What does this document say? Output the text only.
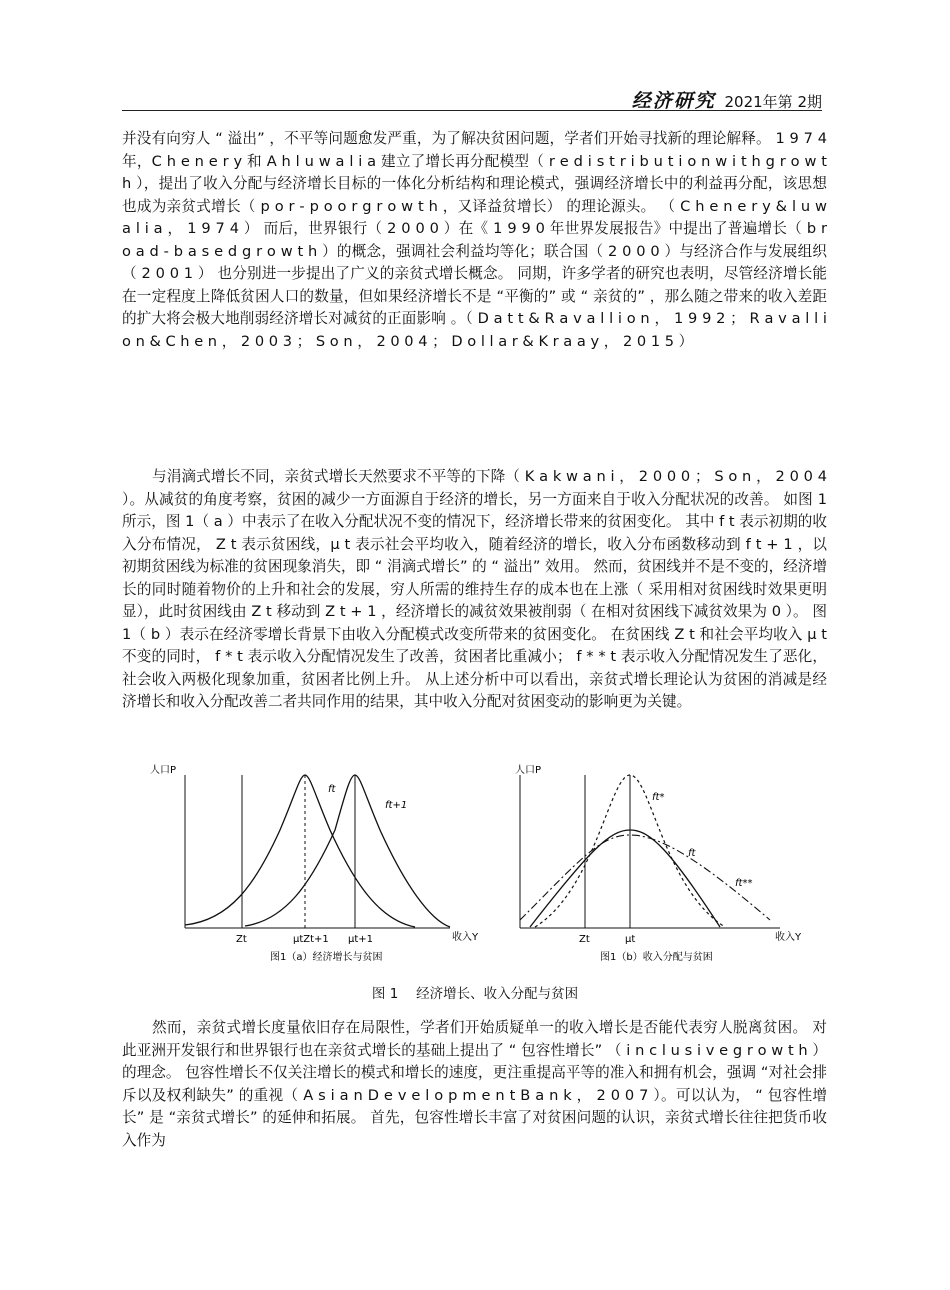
经济研究 2021年第 2期

并没有向穷人 “ 溢出” ，不平等问题愈发严重，为了解决贫困问题，学者们开始寻找新的理论解释。 1 9 7 4 年，C h e n e r y 和 A h l u w a l i a 建立了增长再分配模型（ r e d i s t r i b u t i o n w i t h g r o w t h ），提出了收入分配与经济增长目标的一体化分析结构和理论模式，强调经济增长中的利益再分配，该思想也成为亲贫式增长（ p o r - p o o r g r o w t h ，又译益贫增长） 的理论源头。 （ C h e n e r y & l u w a l i a ， 1 9 7 4 ） 而后，世界银行（ 2 0 0 0 ）在《 1 9 9 0 年世界发展报告》中提出了普遍增长（ b r o a d - b a s e d g r o w t h ）的概念，强调社会利益均等化；联合国（ 2 0 0 0 ）与经济合作与发展组织（ 2 0 0 1 ） 也分别进一步提出了广义的亲贫式增长概念。 同期，许多学者的研究也表明，尽管经济增长能在一定程度上降低贫困人口的数量，但如果经济增长不是 “平衡的” 或 “ 亲贫的” ，那么随之带来的收入差距的扩大将会极大地削弱经济增长对减贫的正面影响 。（ D a t t & R a v a l l i o n ， 1 9 9 2 ； R a v a l l i o n & C h e n ， 2 0 0 3 ； S o n ， 2 0 0 4 ； D o l l a r & K r a a y ， 2 0 1 5 ）

与涓滴式增长不同，亲贫式增长天然要求不平等的下降（ K a k w a n i ， 2 0 0 0 ； S o n ， 2 0 0 4 ）。从减贫的角度考察，贫困的减少一方面源自于经济的增长，另一方面来自于收入分配状况的改善。 如图 1所示，图 1（ a ）中表示了在收入分配状况不变的情况下，经济增长带来的贫困变化。 其中 f t 表示初期的收入分布情况， Z t 表示贫困线，μ t 表示社会平均收入，随着经济的增长，收入分布函数移动到 f t + 1 ，以初期贫困线为标准的贫困现象消失，即 “ 涓滴式增长” 的 “ 溢出” 效用。 然而，贫困线并不是不变的，经济增长的同时随着物价的上升和社会的发展，穷人所需的维持生存的成本也在上涨（ 采用相对贫困线时效果更明显），此时贫困线由 Z t 移动到 Z t + 1 ，经济增长的减贫效果被削弱（ 在相对贫困线下减贫效果为 0 ）。 图 1（ b ）表示在经济零增长背景下由收入分配模式改变所带来的贫困变化。 在贫困线 Z t 和社会平均收入 μ t 不变的同时， f * t 表示收入分配情况发生了改善，贫困者比重减小； f * * t 表示收入分配情况发生了恶化，社会收入两极化现象加重，贫困者比例上升。 从上述分析中可以看出，亲贫式增长理论认为贫困的消减是经济增长和收入分配改善二者共同作用的结果，其中收入分配对贫困变动的影响更为关键。

人口P
收入Y
ft
ft+1
Zt	μtZt+1 μt+1
图1（a）经济增长与贫困
人口P
收入Y
ft*
ft
ft**
Zt	μt
图1（b）收入分配与贫困
图 1　 经济增长、收入分配与贫困

然而，亲贫式增长度量依旧存在局限性，学者们开始质疑单一的收入增长是否能代表穷人脱离贫困。 对此亚洲开发银行和世界银行也在亲贫式增长的基础上提出了 “ 包容性增长” （ i n c l u s i v e g r o w t h ）的理念。 包容性增长不仅关注增长的模式和增长的速度，更注重提高平等的准入和拥有机会，强调 “对社会排斥以及权利缺失” 的重视（ A s i a n D e v e l o p m e n t B a n k ， 2 0 0 7 ）。可以认为， “ 包容性增长” 是 “亲贫式增长” 的延伸和拓展。 首先，包容性增长丰富了对贫困问题的认识，亲贫式增长往往把货币收入作为
